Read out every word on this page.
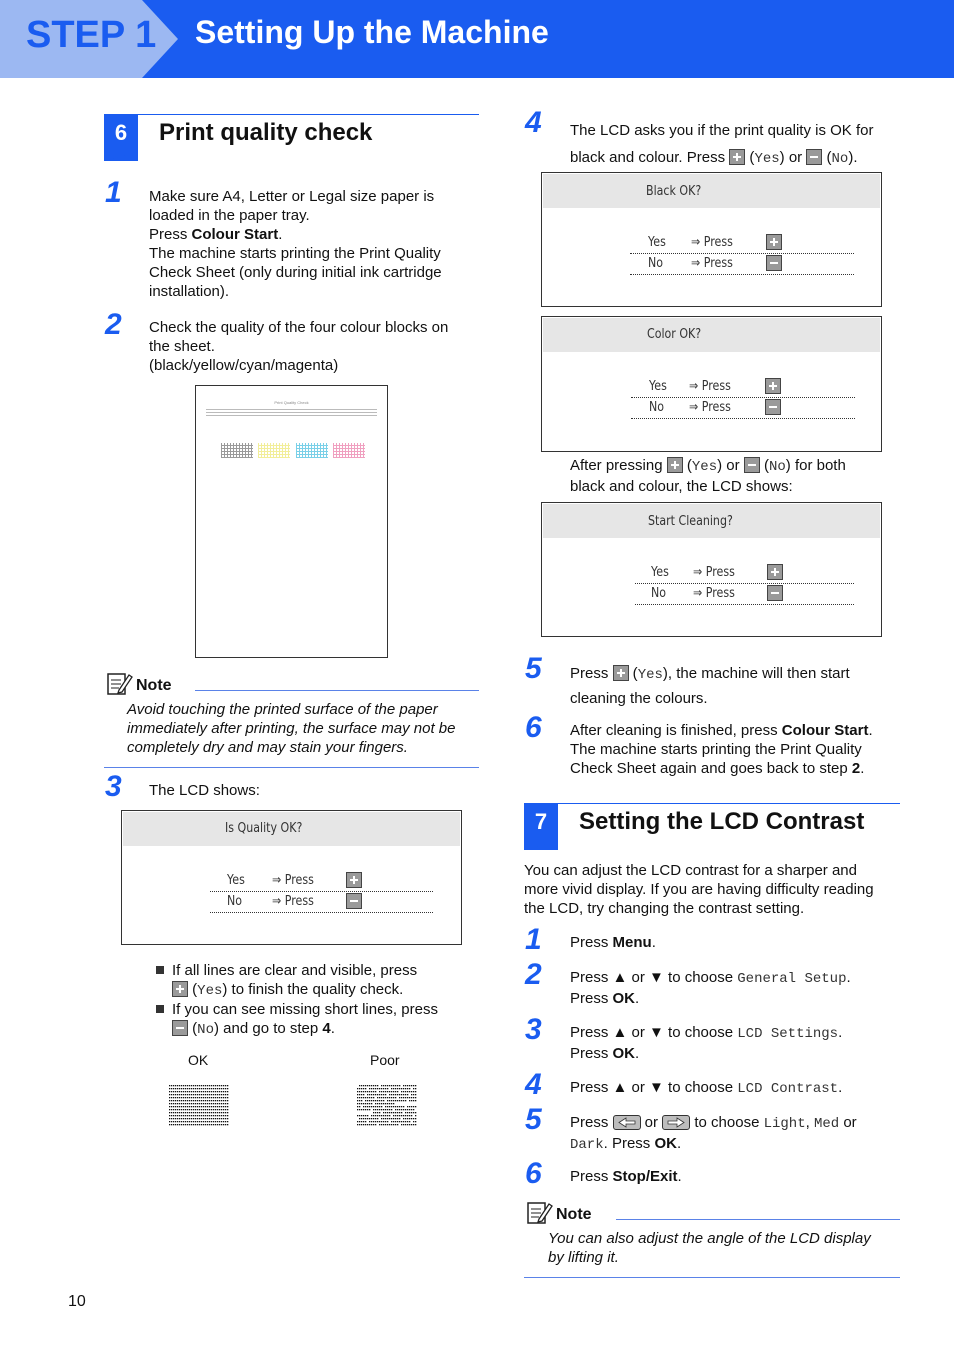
STEP 1 Setting Up the Machine
6	Print quality check
1 Make sure A4, Letter or Legal size paper is
loaded in the paper tray.
Press Colour Start.
The machine starts printing the Print Quality
Check Sheet (only during initial ink cartridge
installation).
2 Check the quality of the four colour blocks on
the sheet.
(black/yellow/cyan/magenta)
Print Quality Check
Note
Avoid touching the printed surface of the paper
immediately after printing, the surface may not be
completely dry and may stain your fingers.
3 The LCD shows:
Is Quality OK?
Yes ⇒ Press
No ⇒ Press
If all lines are clear and visible, press
(Yes) to finish the quality check.
If you can see missing short lines, press
(No) and go to step 4.
OK	Poor
4 The LCD asks you if the print quality is OK for
black and colour. Press  (Yes) or  (No).
Black OK?
Yes ⇒ Press
No ⇒ Press
Color OK?
Yes ⇒ Press
No ⇒ Press
After pressing  (Yes) or  (No) for both
black and colour, the LCD shows:
Start Cleaning?
Yes ⇒ Press
No ⇒ Press
5 Press  (Yes), the machine will then start
cleaning the colours.
6 After cleaning is finished, press Colour Start.
The machine starts printing the Print Quality
Check Sheet again and goes back to step 2.
7	Setting the LCD Contrast
You can adjust the LCD contrast for a sharper and
more vivid display. If you are having difficulty reading
the LCD, try changing the contrast setting.
1 Press Menu.
2 Press ▲ or ▼ to choose General Setup.
Press OK.
3 Press ▲ or ▼ to choose LCD Settings.
Press OK.
4 Press ▲ or ▼ to choose LCD Contrast.
5 Press
or
to choose Light, Med or
Dark. Press OK.
6 Press Stop/Exit.
Note
You can also adjust the angle of the LCD display
by lifting it.
10
